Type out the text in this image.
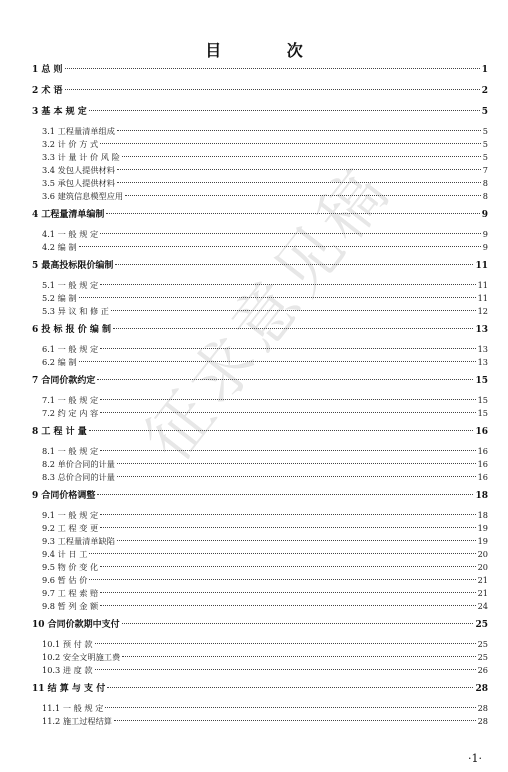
目 次
1 总 则	1
2 术 语	2
3 基 本 规 定	5
3.1 工程量清单组成	5
3.2 计 价 方 式	5
3.3 计 量 计 价 风 险	5
3.4 发包人提供材料	7
3.5 承包人提供材料	8
3.6 建筑信息模型应用	8
4 工程量清单编制	9
4.1 一 般 规 定	9
4.2 编 制	9
5 最高投标限价编制	11
5.1 一 般 规 定	11
5.2 编 制	11
5.3 异 议 和 修 正	12
6 投 标 报 价 编 制	13
6.1 一 般 规 定	13
6.2 编 制	13
7 合同价款约定	15
7.1 一 般 规 定	15
7.2 约 定 内 容	15
8 工 程 计 量	16
8.1 一 般 规 定	16
8.2 单价合同的计量	16
8.3 总价合同的计量	16
9 合同价格调整	18
9.1 一 般 规 定	18
9.2 工 程 变 更	19
9.3 工程量清单缺陷	19
9.4 计 日 工	20
9.5 物 价 变 化	20
9.6 暂 估 价	21
9.7 工 程 索 赔	21
9.8 暂 列 金 额	24
10 合同价款期中支付	25
10.1 预 付 款	25
10.2 安全文明施工费	25
10.3 进 度 款	26
11 结 算 与 支 付	28
11.1 一 般 规 定	28
11.2 施工过程结算	28
征求意见稿
·1·
